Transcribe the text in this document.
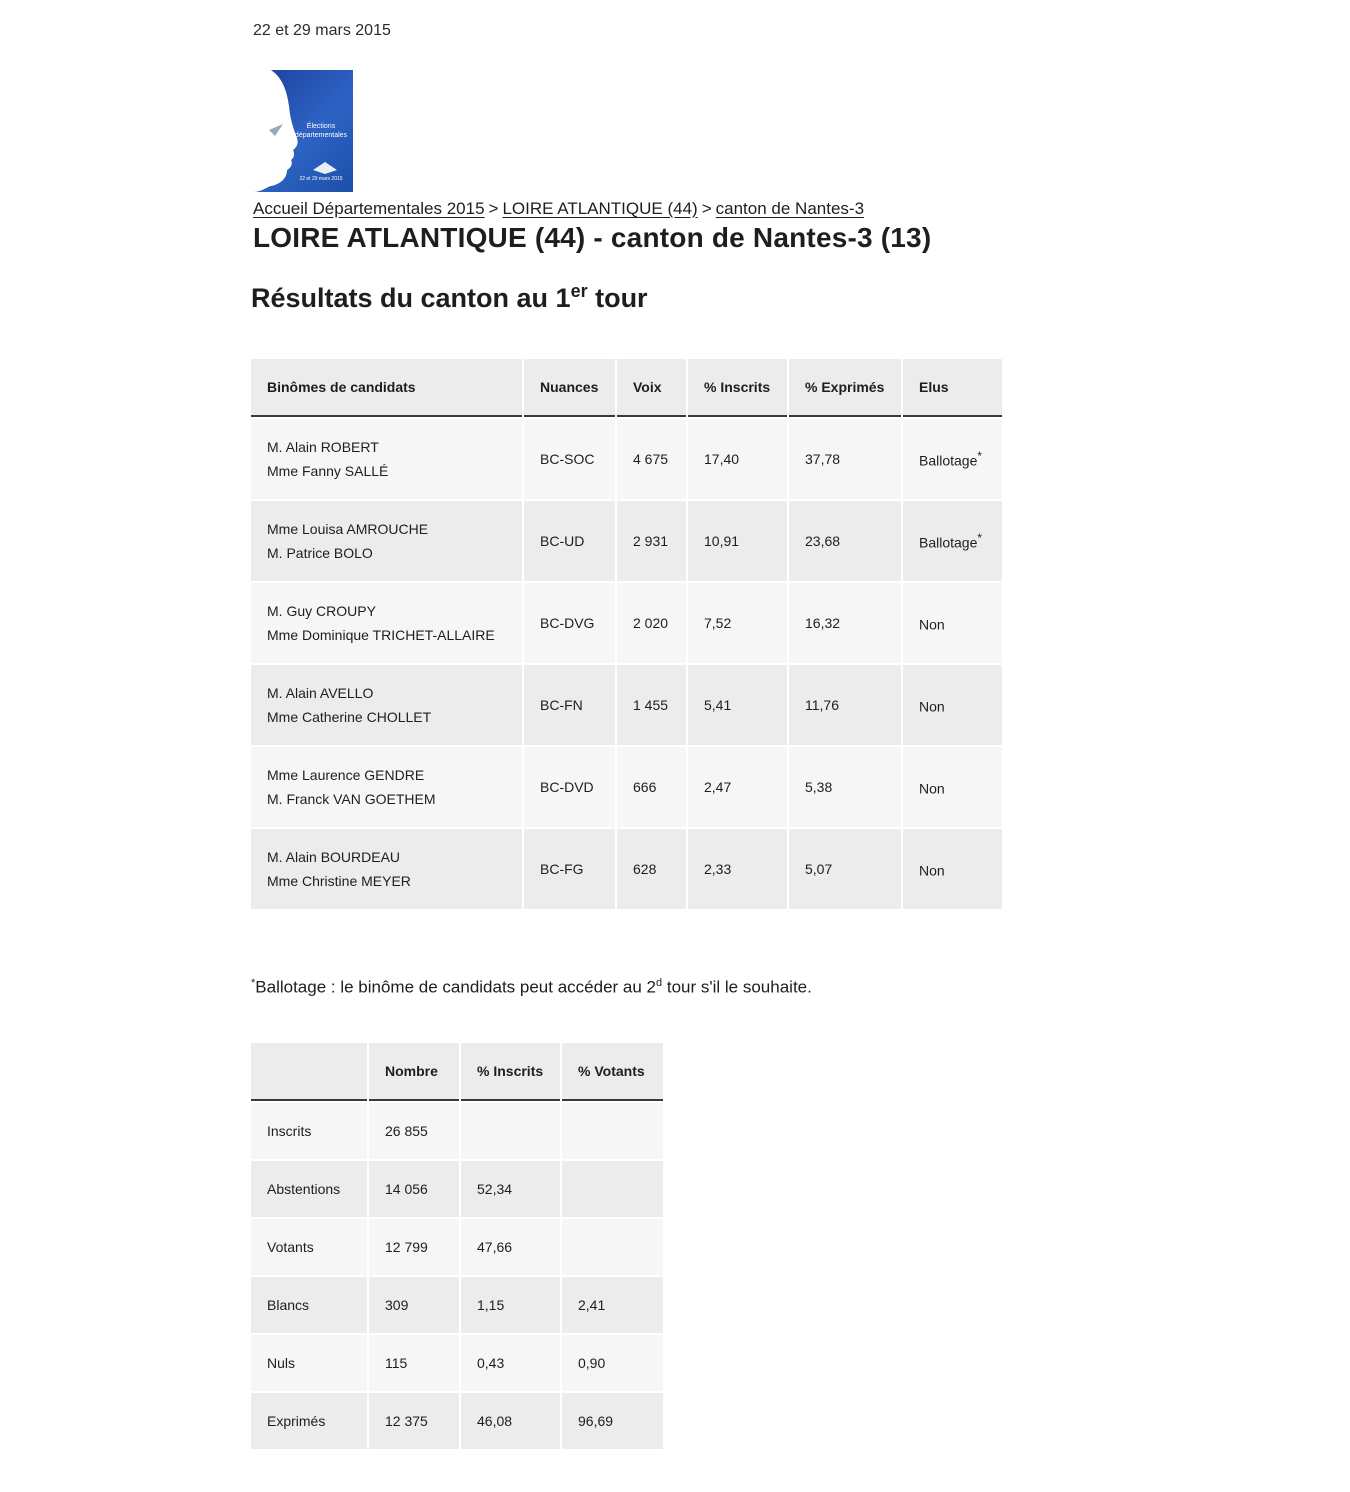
22 et 29 mars 2015
Élections
départementales
22 et 29 mars 2015
Accueil Départementales 2015 > LOIRE ATLANTIQUE (44) > canton de Nantes-3
LOIRE ATLANTIQUE (44) - canton de Nantes-3 (13)
Résultats du canton au 1er tour
Binômes de candidats	Nuances	Voix	% Inscrits	% Exprimés	Elus

M. Alain ROBERT
Mme Fanny SALLÉ	BC-SOC	4 675	17,40	37,78	Ballotage*

Mme Louisa AMROUCHE
M. Patrice BOLO	BC-UD	2 931	10,91	23,68	Ballotage*

M. Guy CROUPY
Mme Dominique TRICHET-ALLAIRE	BC-DVG	2 020	7,52	16,32	Non

M. Alain AVELLO
Mme Catherine CHOLLET	BC-FN	1 455	5,41	11,76	Non

Mme Laurence GENDRE
M. Franck VAN GOETHEM	BC-DVD	666	2,47	5,38	Non

M. Alain BOURDEAU
Mme Christine MEYER	BC-FG	628	2,33	5,07	Non
*Ballotage : le binôme de candidats peut accéder au 2$^d$ tour s'il le souhaite.
	Nombre	% Inscrits	% Votants
Inscrits	26 855		
Abstentions	14 056	52,34	
Votants	12 799	47,66	
Blancs	309	1,15	2,41
Nuls	115	0,43	0,90
Exprimés	12 375	46,08	96,69
